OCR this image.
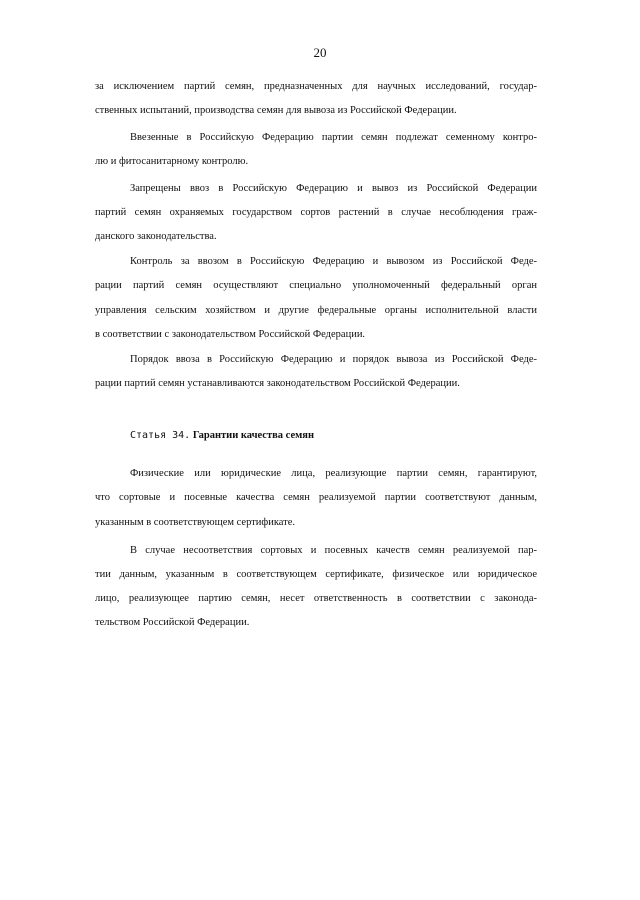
20
за исключением партий семян, предназначенных для научных исследований, государ-
ственных испытаний, производства семян для вывоза из Российской Федерации.
Ввезенные в Российскую Федерацию партии семян подлежат семенному контро-
лю и фитосанитарному контролю.
Запрещены ввоз в Российскую Федерацию и вывоз из Российской Федерации
партий семян охраняемых государством сортов растений в случае несоблюдения граж-
данского законодательства.
Контроль за ввозом в Российскую Федерацию и вывозом из Российской Феде-
рации партий семян осуществляют специально уполномоченный федеральный орган
управления сельским хозяйством и другие федеральные органы исполнительной власти
в соответствии с законодательством Российской Федерации.
Порядок ввоза в Российскую Федерацию и порядок вывоза из Российской Феде-
рации партий семян устанавливаются законодательством Российской Федерации.
Статья 34. Гарантии качества семян
Физические или юридические лица, реализующие партии семян, гарантируют,
что сортовые и посевные качества семян реализуемой партии соответствуют данным,
указанным в соответствующем сертификате.
В случае несоответствия сортовых и посевных качеств семян реализуемой пар-
тии данным, указанным в соответствующем сертификате, физическое или юридическое
лицо, реализующее партию семян, несет ответственность в соответствии с законода-
тельством Российской Федерации.
